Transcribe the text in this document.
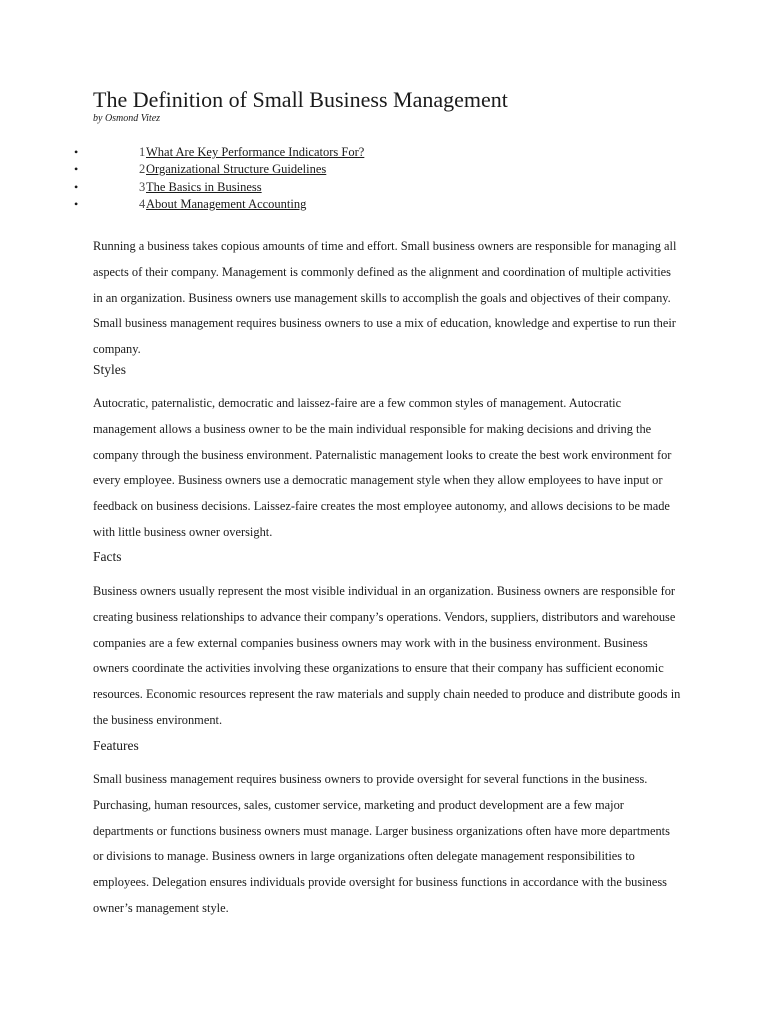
The Definition of Small Business Management
by Osmond Vitez
•	1 What Are Key Performance Indicators For?
•	2 Organizational Structure Guidelines
•	3 The Basics in Business
•	4 About Management Accounting

Running a business takes copious amounts of time and effort. Small business owners are responsible for managing all aspects of their company. Management is commonly defined as the alignment and coordination of multiple activities in an organization. Business owners use management skills to accomplish the goals and objectives of their company. Small business management requires business owners to use a mix of education, knowledge and expertise to run their company.

Styles

Autocratic, paternalistic, democratic and laissez-faire are a few common styles of management. Autocratic management allows a business owner to be the main individual responsible for making decisions and driving the company through the business environment. Paternalistic management looks to create the best work environment for every employee. Business owners use a democratic management style when they allow employees to have input or feedback on business decisions. Laissez-faire creates the most employee autonomy, and allows decisions to be made with little business owner oversight.

Facts

Business owners usually represent the most visible individual in an organization. Business owners are responsible for creating business relationships to advance their company’s operations. Vendors, suppliers, distributors and warehouse companies are a few external companies business owners may work with in the business environment. Business owners coordinate the activities involving these organizations to ensure that their company has sufficient economic resources. Economic resources represent the raw materials and supply chain needed to produce and distribute goods in the business environment.

Features

Small business management requires business owners to provide oversight for several functions in the business. Purchasing, human resources, sales, customer service, marketing and product development are a few major departments or functions business owners must manage. Larger business organizations often have more departments or divisions to manage. Business owners in large organizations often delegate management responsibilities to employees. Delegation ensures individuals provide oversight for business functions in accordance with the business owner’s management style.
